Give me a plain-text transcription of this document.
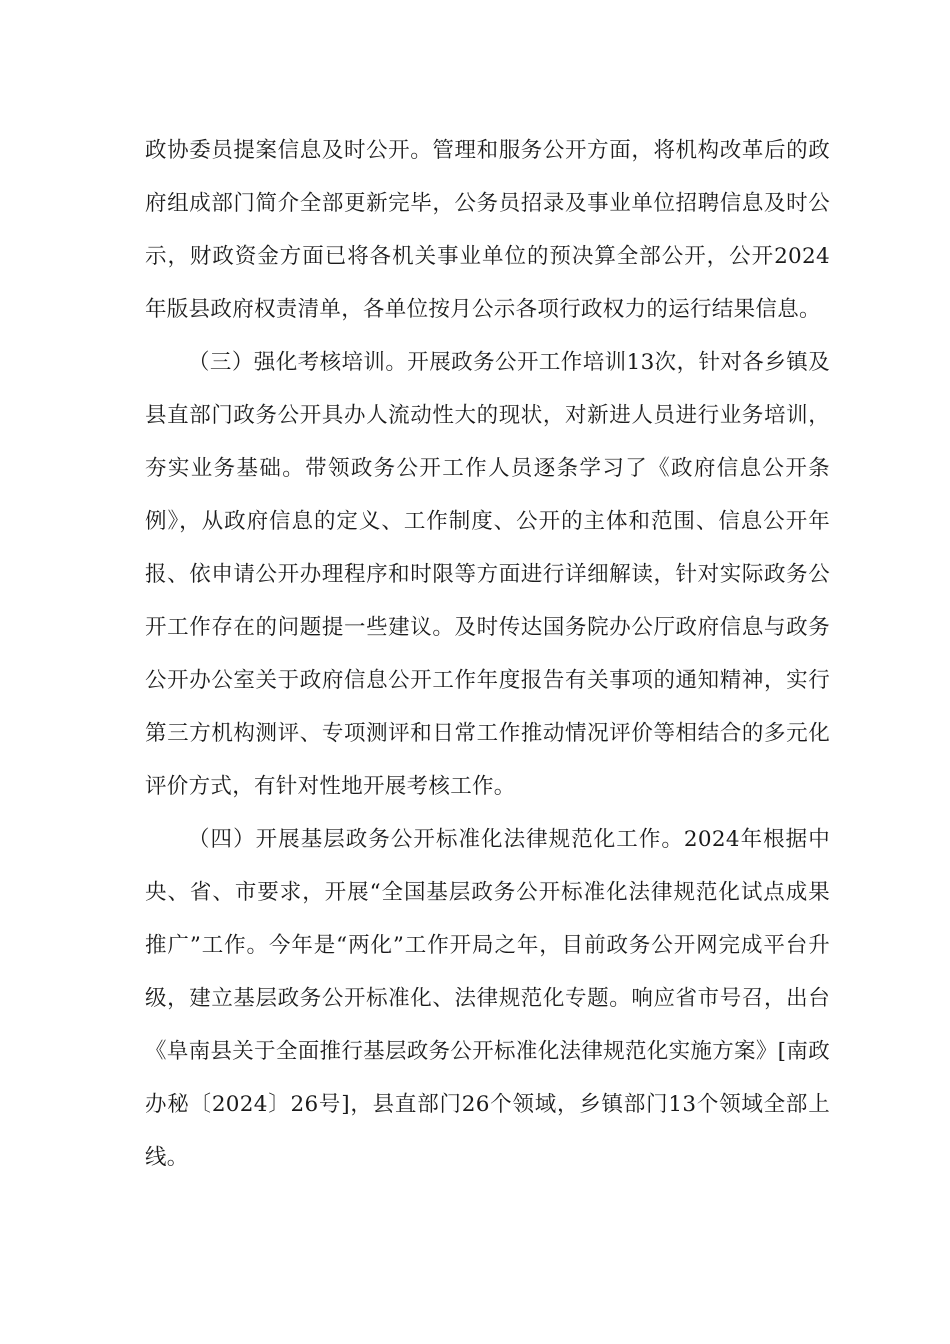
政协委员提案信息及时公开。管理和服务公开方面，将机构改革后的政府组成部门简介全部更新完毕，公务员招录及事业单位招聘信息及时公示，财政资金方面已将各机关事业单位的预决算全部公开，公开2024年版县政府权责清单，各单位按月公示各项行政权力的运行结果信息。

（三）强化考核培训。开展政务公开工作培训13次，针对各乡镇及县直部门政务公开具办人流动性大的现状，对新进人员进行业务培训，夯实业务基础。带领政务公开工作人员逐条学习了《政府信息公开条例》，从政府信息的定义、工作制度、公开的主体和范围、信息公开年报、依申请公开办理程序和时限等方面进行详细解读，针对实际政务公开工作存在的问题提一些建议。及时传达国务院办公厅政府信息与政务公开办公室关于政府信息公开工作年度报告有关事项的通知精神，实行第三方机构测评、专项测评和日常工作推动情况评价等相结合的多元化评价方式，有针对性地开展考核工作。

（四）开展基层政务公开标准化法律规范化工作。2024年根据中央、省、市要求，开展“全国基层政务公开标准化法律规范化试点成果推广”工作。今年是“两化”工作开局之年，目前政务公开网完成平台升级，建立基层政务公开标准化、法律规范化专题。响应省市号召，出台《阜南县关于全面推行基层政务公开标准化法律规范化实施方案》[南政办秘〔2024〕26号]，县直部门26个领域，乡镇部门13个领域全部上线。
